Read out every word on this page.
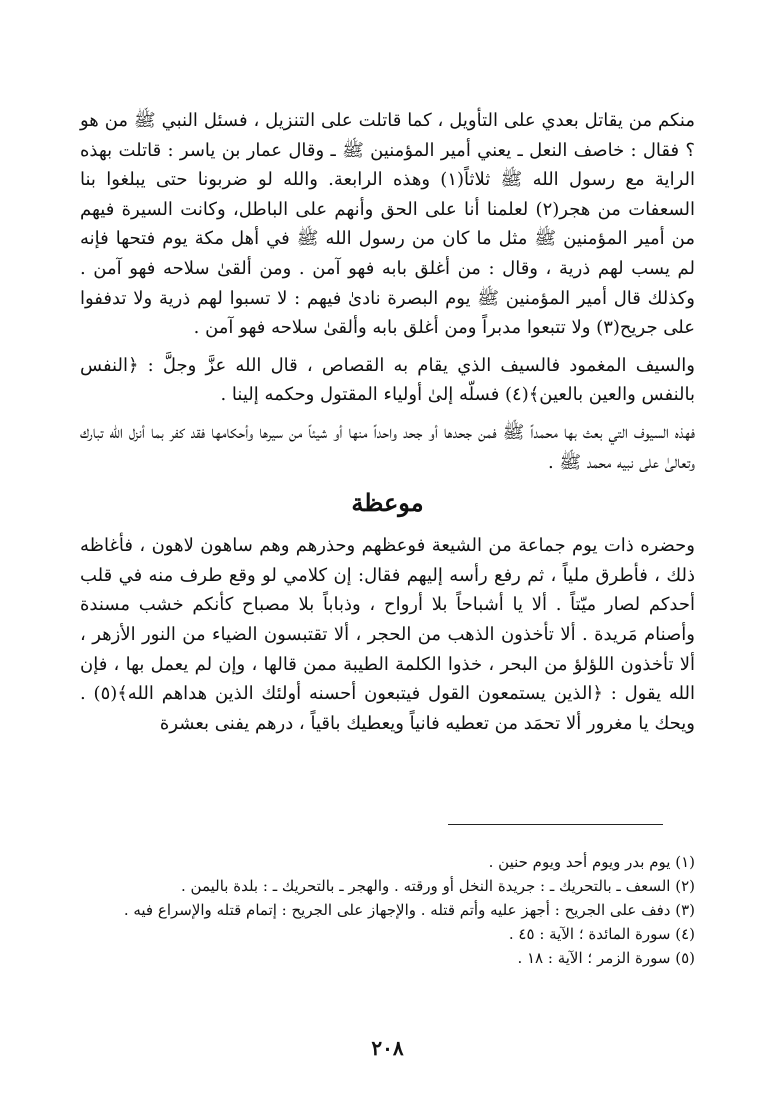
منكم من يقاتل بعدي على التأويل ، كما قاتلت على التنزيل ، فسئل النبي ﷺ من هو ؟ فقال : خاصف النعل ـ يعني أمير المؤمنين ﷺ ـ وقال عمار بن ياسر : قاتلت بهذه الراية مع رسول الله ﷺ ثلاثاً(١) وهذه الرابعة. والله لو ضربونا حتى يبلغوا بنا السعفات من هجر(٢) لعلمنا أنا على الحق وأنهم على الباطل، وكانت السيرة فيهم من أمير المؤمنين ﷺ مثل ما كان من رسول الله ﷺ في أهل مكة يوم فتحها فإنه لم يسب لهم ذرية ، وقال : من أغلق بابه فهو آمن . ومن ألقىٰ سلاحه فهو آمن . وكذلك قال أمير المؤمنين ﷺ يوم البصرة نادىٰ فيهم : لا تسبوا لهم ذرية ولا تدففوا على جريح(٣) ولا تتبعوا مدبراً ومن أغلق بابه وألقىٰ سلاحه فهو آمن .

والسيف المغمود فالسيف الذي يقام به القصاص ، قال الله عزَّ وجلَّ : ﴿النفس بالنفس والعين بالعين﴾(٤) فسلّه إلىٰ أولياء المقتول وحكمه إلينا .

فهذه السيوف التي بعث بها محمداً ﷺ فمن جحدها أو جحد واحداً منها أو شيئاً من سيرها وأحكامها فقد كفر بما أنزل الله تبارك وتعالىٰ على نبيه محمد ﷺ .

موعظة

وحضره ذات يوم جماعة من الشيعة فوعظهم وحذرهم وهم ساهون لاهون ، فأغاظه ذلك ، فأطرق ملياً ، ثم رفع رأسه إليهم فقال: إن كلامي لو وقع طرف منه في قلب أحدكم لصار ميّتاً . ألا يا أشباحاً بلا أرواح ، وذباباً بلا مصباح كأنكم خشب مسندة وأصنام مَريدة . ألا تأخذون الذهب من الحجر ، ألا تقتبسون الضياء من النور الأزهر ، ألا تأخذون اللؤلؤ من البحر ، خذوا الكلمة الطيبة ممن قالها ، وإن لم يعمل بها ، فإن الله يقول : ﴿الذين يستمعون القول فيتبعون أحسنه أولئك الذين هداهم الله﴾(٥) . ويحك يا مغرور ألا تحمَد من تعطيه فانياً ويعطيك باقياً ، درهم يفنى بعشرة

(١) يوم بدر ويوم أحد ويوم حنين .

(٢) السعف ـ بالتحريك ـ : جريدة النخل أو ورقته . والهجر ـ بالتحريك ـ : بلدة باليمن .

(٣) دفف على الجريح : أجهز عليه وأتم قتله . والإجهاز على الجريح : إتمام قتله والإسراع فيه .

(٤) سورة المائدة ؛ الآية : ٤٥ .

(٥) سورة الزمر ؛ الآية : ١٨ .

٢٠٨
